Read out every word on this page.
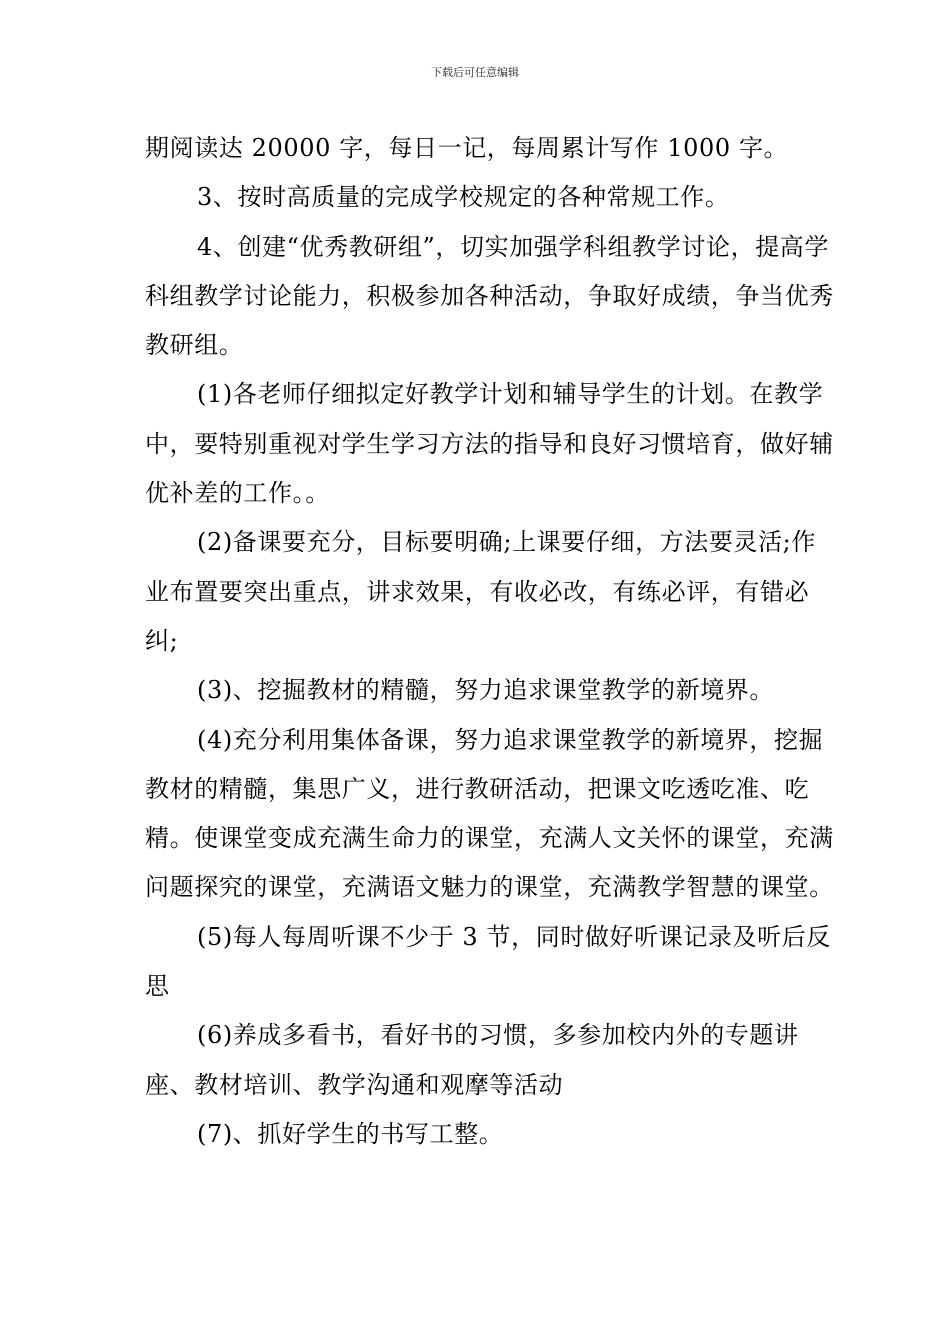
下载后可任意编辑

期阅读达 20000 字，每日一记，每周累计写作 1000 字。

3、按时高质量的完成学校规定的各种常规工作。

4、创建“优秀教研组”，切实加强学科组教学讨论，提高学科组教学讨论能力，积极参加各种活动，争取好成绩，争当优秀教研组。

(1)各老师仔细拟定好教学计划和辅导学生的计划。在教学中，要特别重视对学生学习方法的指导和良好习惯培育，做好辅优补差的工作。。

(2)备课要充分，目标要明确;上课要仔细，方法要灵活;作业布置要突出重点，讲求效果，有收必改，有练必评，有错必纠;

(3)、挖掘教材的精髓，努力追求课堂教学的新境界。

(4)充分利用集体备课，努力追求课堂教学的新境界，挖掘教材的精髓，集思广义，进行教研活动，把课文吃透吃准、吃精。使课堂变成充满生命力的课堂，充满人文关怀的课堂，充满问题探究的课堂，充满语文魅力的课堂，充满教学智慧的课堂。

(5)每人每周听课不少于 3 节，同时做好听课记录及听后反思

(6)养成多看书，看好书的习惯，多参加校内外的专题讲座、教材培训、教学沟通和观摩等活动

(7)、抓好学生的书写工整。
